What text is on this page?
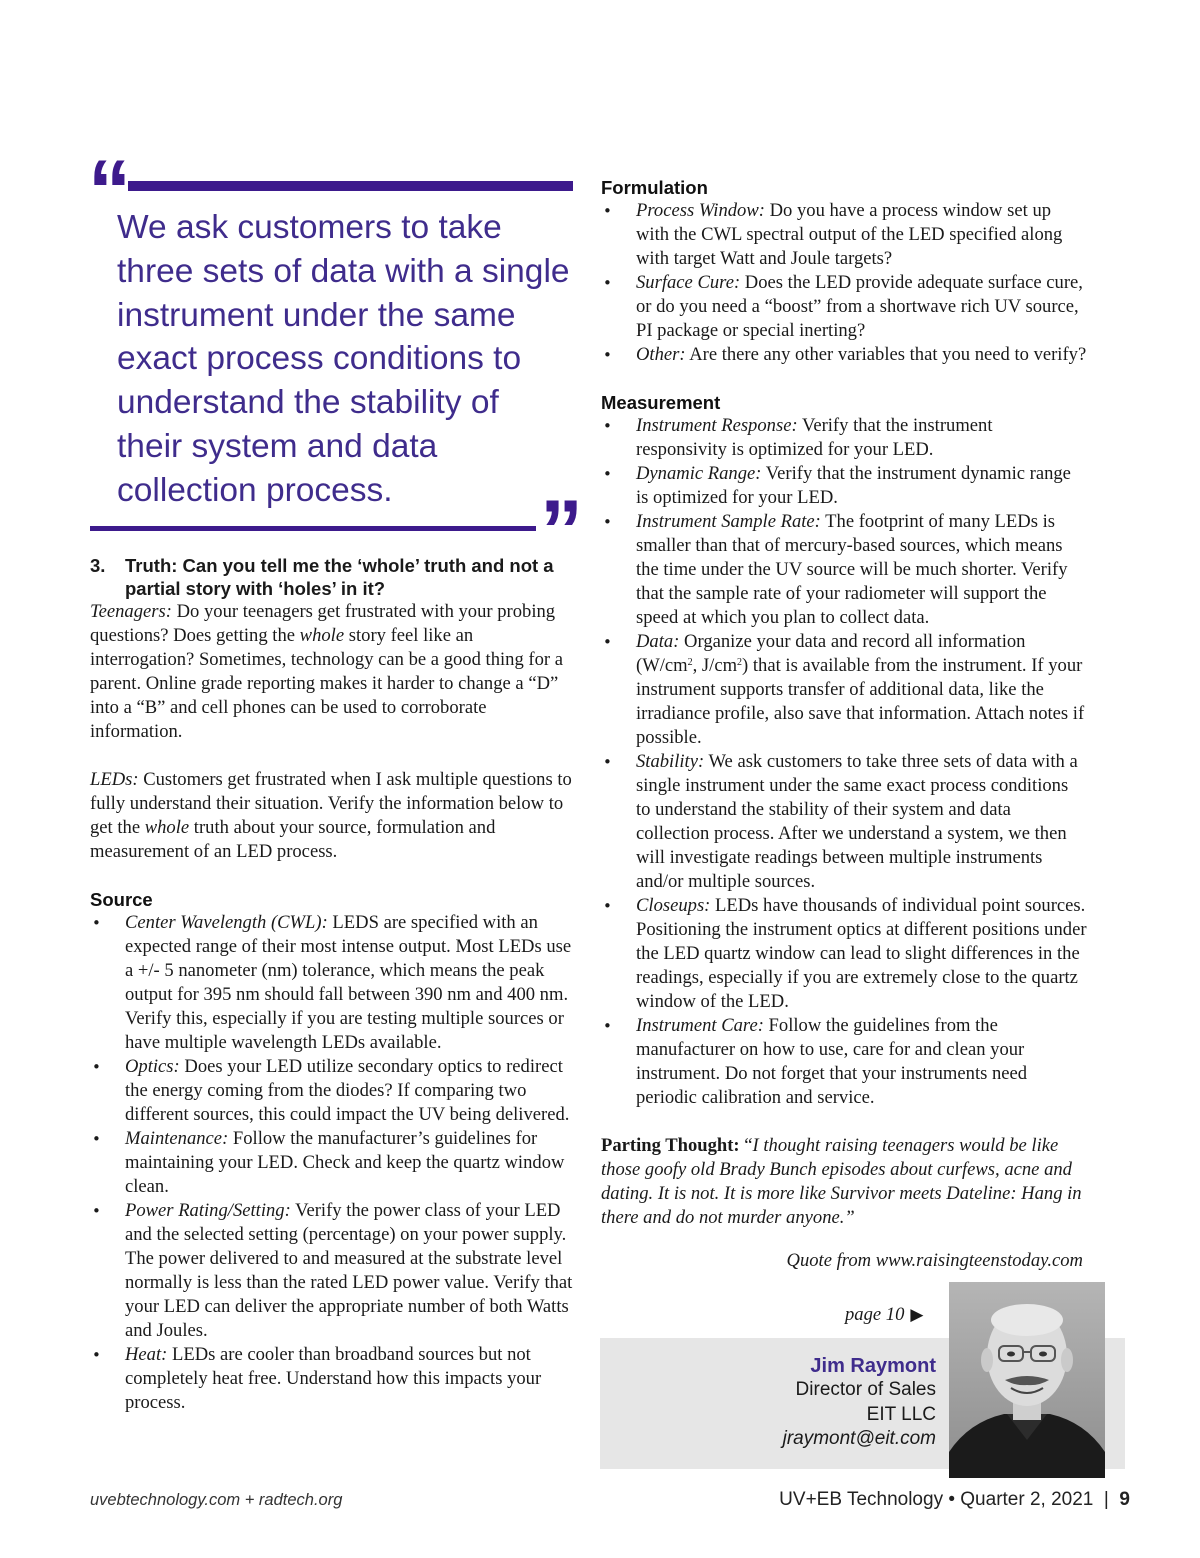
“

We ask customers to take three sets of data with a single instrument under the same exact process conditions to understand the stability of their system and data collection process.	”
3.	Truth: Can you tell me the ‘whole’ truth and not a partial story with ‘holes’ in it?

Teenagers: Do your teenagers get frustrated with your probing questions? Does getting the whole story feel like an interrogation? Sometimes, technology can be a good thing for a parent. Online grade reporting makes it harder to change a “D” into a “B” and cell phones can be used to corroborate information.

LEDs: Customers get frustrated when I ask multiple questions to fully understand their situation. Verify the information below to get the whole truth about your source, formulation and measurement of an LED process.

Source
• Center Wavelength (CWL): LEDS are specified with an expected range of their most intense output. Most LEDs use a +/- 5 nanometer (nm) tolerance, which means the peak output for 395 nm should fall between 390 nm and 400 nm. Verify this, especially if you are testing multiple sources or have multiple wavelength LEDs available.
• Optics: Does your LED utilize secondary optics to redirect the energy coming from the diodes? If comparing two different sources, this could impact the UV being delivered.
• Maintenance: Follow the manufacturer’s guidelines for maintaining your LED. Check and keep the quartz window clean.
• Power Rating/Setting: Verify the power class of your LED and the selected setting (percentage) on your power supply. The power delivered to and measured at the substrate level normally is less than the rated LED power value. Verify that your LED can deliver the appropriate number of both Watts and Joules.
• Heat: LEDs are cooler than broadband sources but not completely heat free. Understand how this impacts your process.
Formulation
• Process Window: Do you have a process window set up with the CWL spectral output of the LED specified along with target Watt and Joule targets?
• Surface Cure: Does the LED provide adequate surface cure, or do you need a “boost” from a shortwave rich UV source, PI package or special inerting?
• Other: Are there any other variables that you need to verify?
Measurement
• Instrument Response: Verify that the instrument responsivity is optimized for your LED.
• Dynamic Range: Verify that the instrument dynamic range is optimized for your LED.
• Instrument Sample Rate: The footprint of many LEDs is smaller than that of mercury-based sources, which means the time under the UV source will be much shorter. Verify that the sample rate of your radiometer will support the speed at which you plan to collect data.
• Data: Organize your data and record all information ($W/cm^2$, $J/cm^2$) that is available from the instrument. If your instrument supports transfer of additional data, like the irradiance profile, also save that information. Attach notes if possible.
• Stability: We ask customers to take three sets of data with a single instrument under the same exact process conditions to understand the stability of their system and data collection process. After we understand a system, we then will investigate readings between multiple instruments and/or multiple sources.
• Closeups: LEDs have thousands of individual point sources. Positioning the instrument optics at different positions under the LED quartz window can lead to slight differences in the readings, especially if you are extremely close to the quartz window of the LED.
• Instrument Care: Follow the guidelines from the manufacturer on how to use, care for and clean your instrument. Do not forget that your instruments need periodic calibration and service.

Parting Thought: “I thought raising teenagers would be like those goofy old Brady Bunch episodes about curfews, acne and dating. It is not. It is more like Survivor meets Dateline: Hang in there and do not murder anyone.”

Quote from www.raisingteenstoday.com
page 10 ▶
Jim Raymont
Director of Sales
EIT LLC
jraymont@eit.com
uvebtechnology.com + radtech.org	UV+EB Technology • Quarter 2, 2021 | 9
